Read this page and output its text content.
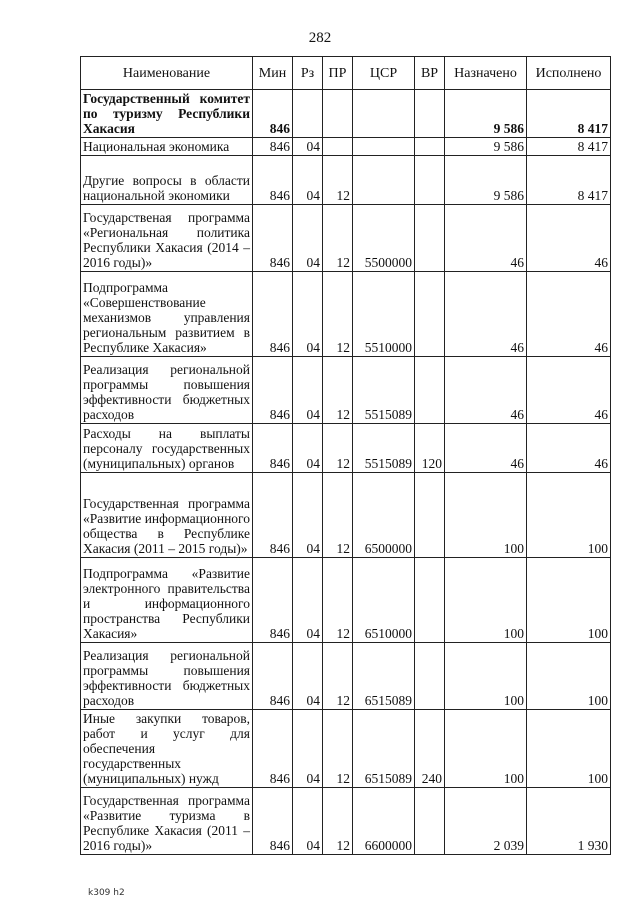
282
Наименование	Мин	Рз	ПР	ЦСР	ВР	Назначено	Исполнено
Государственный комитет по туризму Республики Хакасия	846					9 586	8 417
Национальная экономика	846	04				9 586	8 417
Другие вопросы в области национальной экономики	846	04	12			9 586	8 417
Государственая программа «Региональная политика Республики Хакасия (2014 – 2016 годы)»	846	04	12	5500000		46	46
Подпрограмма «Совершенствование механизмов управления региональным развитием в Республике Хакасия»	846	04	12	5510000		46	46
Реализация региональной программы повышения эффективности бюджетных расходов	846	04	12	5515089		46	46
Расходы на выплаты персоналу государственных (муниципальных) органов	846	04	12	5515089	120	46	46
Государственная программа «Развитие информационного общества в Республике Хакасия (2011 – 2015 годы)»	846	04	12	6500000		100	100
Подпрограмма «Развитие электронного правительства и информационного пространства Республики Хакасия»	846	04	12	6510000		100	100
Реализация региональной программы повышения эффективности бюджетных расходов	846	04	12	6515089		100	100
Иные закупки товаров, работ и услуг для обеспечения государственных (муниципальных) нужд	846	04	12	6515089	240	100	100
Государственная программа «Развитие туризма в Республике Хакасия (2011 – 2016 годы)»	846	04	12	6600000		2 039	1 930
k309 h2
